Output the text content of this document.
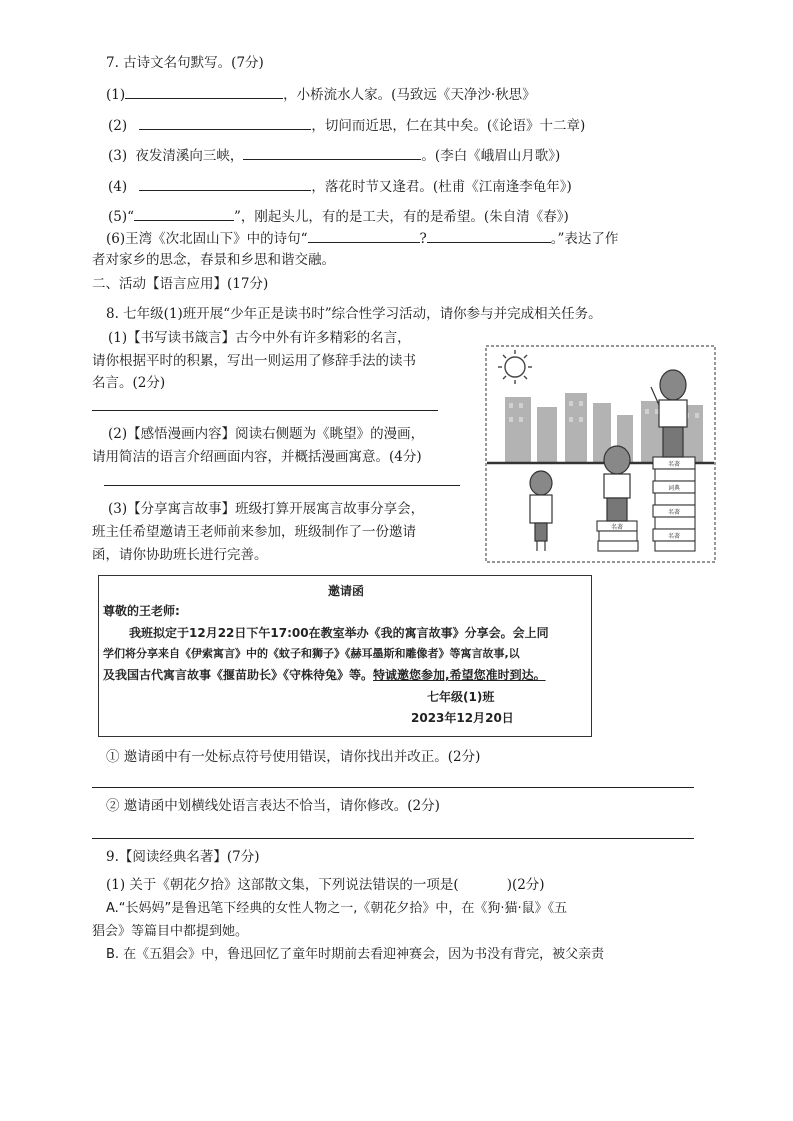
7. 古诗文名句默写。(7分)
(1)	，小桥流水人家。(马致远《天净沙·秋思》
(2)	，切问而近思，仁在其中矣。(《论语》十二章)
(3) 夜发清溪向三峡，	。(李白《峨眉山月歌》)
(4)	，落花时节又逢君。(杜甫《江南逢李龟年》)
(5)“	”，刚起头儿，有的是工夫，有的是希望。(朱自清《春》)
(6)王湾《次北固山下》中的诗句“	?	。”表达了作
者对家乡的思念，春景和乡思和谐交融。
二、活动【语言应用】(17分)
8. 七年级(1)班开展“少年正是读书时”综合性学习活动，请你参与并完成相关任务。
(1)【书写读书箴言】古今中外有许多精彩的名言，
请你根据平时的积累，写出一则运用了修辞手法的读书
名言。(2分)
(2)【感悟漫画内容】阅读右侧题为《眺望》的漫画，
请用简洁的语言介绍画面内容，并概括漫画寓意。(4分)
(3)【分享寓言故事】班级打算开展寓言故事分享会，
班主任希望邀请王老师前来参加，班级制作了一份邀请
函，请你协助班长进行完善。
名著
名著
词典
名著
名著
邀请函
尊敬的王老师:
我班拟定于12月22日下午17:00在教室举办《我的寓言故事》分享会。会上同
学们将分享来自《伊索寓言》中的《蚊子和狮子》《赫耳墨斯和雕像者》等寓言故事,以
及我国古代寓言故事《揠苗助长》《守株待兔》等。特诚邀您参加,希望您准时到达。
七年级(1)班
2023年12月20日
① 邀请函中有一处标点符号使用错误，请你找出并改正。(2分)
② 邀请函中划横线处语言表达不恰当，请你修改。(2分)
9.【阅读经典名著】(7分)
(1) 关于《朝花夕拾》这部散文集，下列说法错误的一项是(	)(2分)
A.“长妈妈”是鲁迅笔下经典的女性人物之一,《朝花夕拾》中，在《狗·猫·鼠》《五
猖会》等篇目中都提到她。
B. 在《五猖会》中，鲁迅回忆了童年时期前去看迎神赛会，因为书没有背完，被父亲责
